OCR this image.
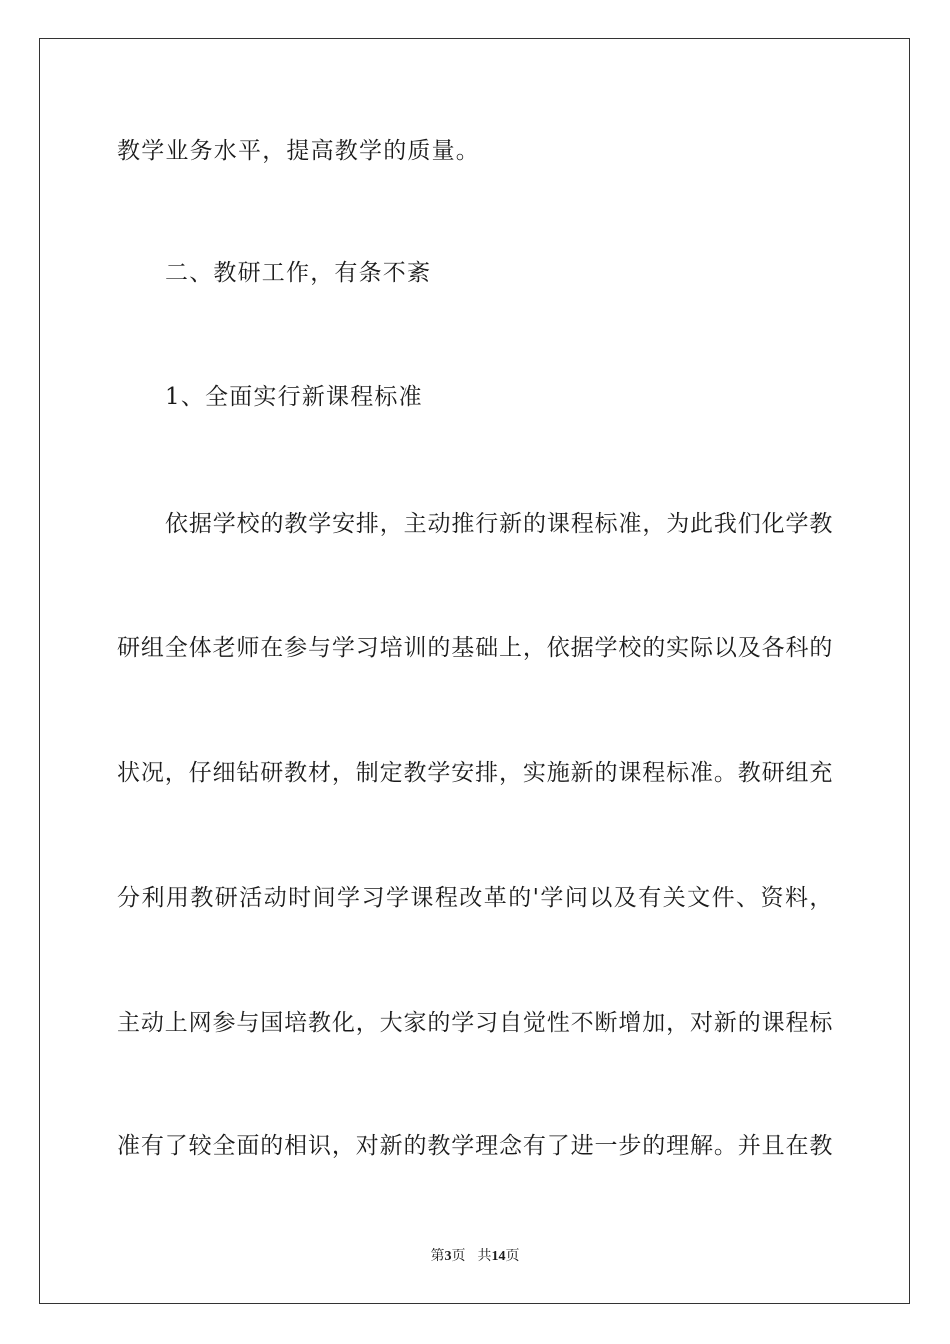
教学业务水平，提高教学的质量。
二、教研工作，有条不紊
1、全面实行新课程标准
依据学校的教学安排，主动推行新的课程标准，为此我们化学教
研组全体老师在参与学习培训的基础上，依据学校的实际以及各科的
状况，仔细钻研教材，制定教学安排，实施新的课程标准。教研组充
分利用教研活动时间学习学课程改革的'学问以及有关文件、资料，
主动上网参与国培教化，大家的学习自觉性不断增加，对新的课程标
准有了较全面的相识，对新的教学理念有了进一步的理解。并且在教
第3页 共14页
